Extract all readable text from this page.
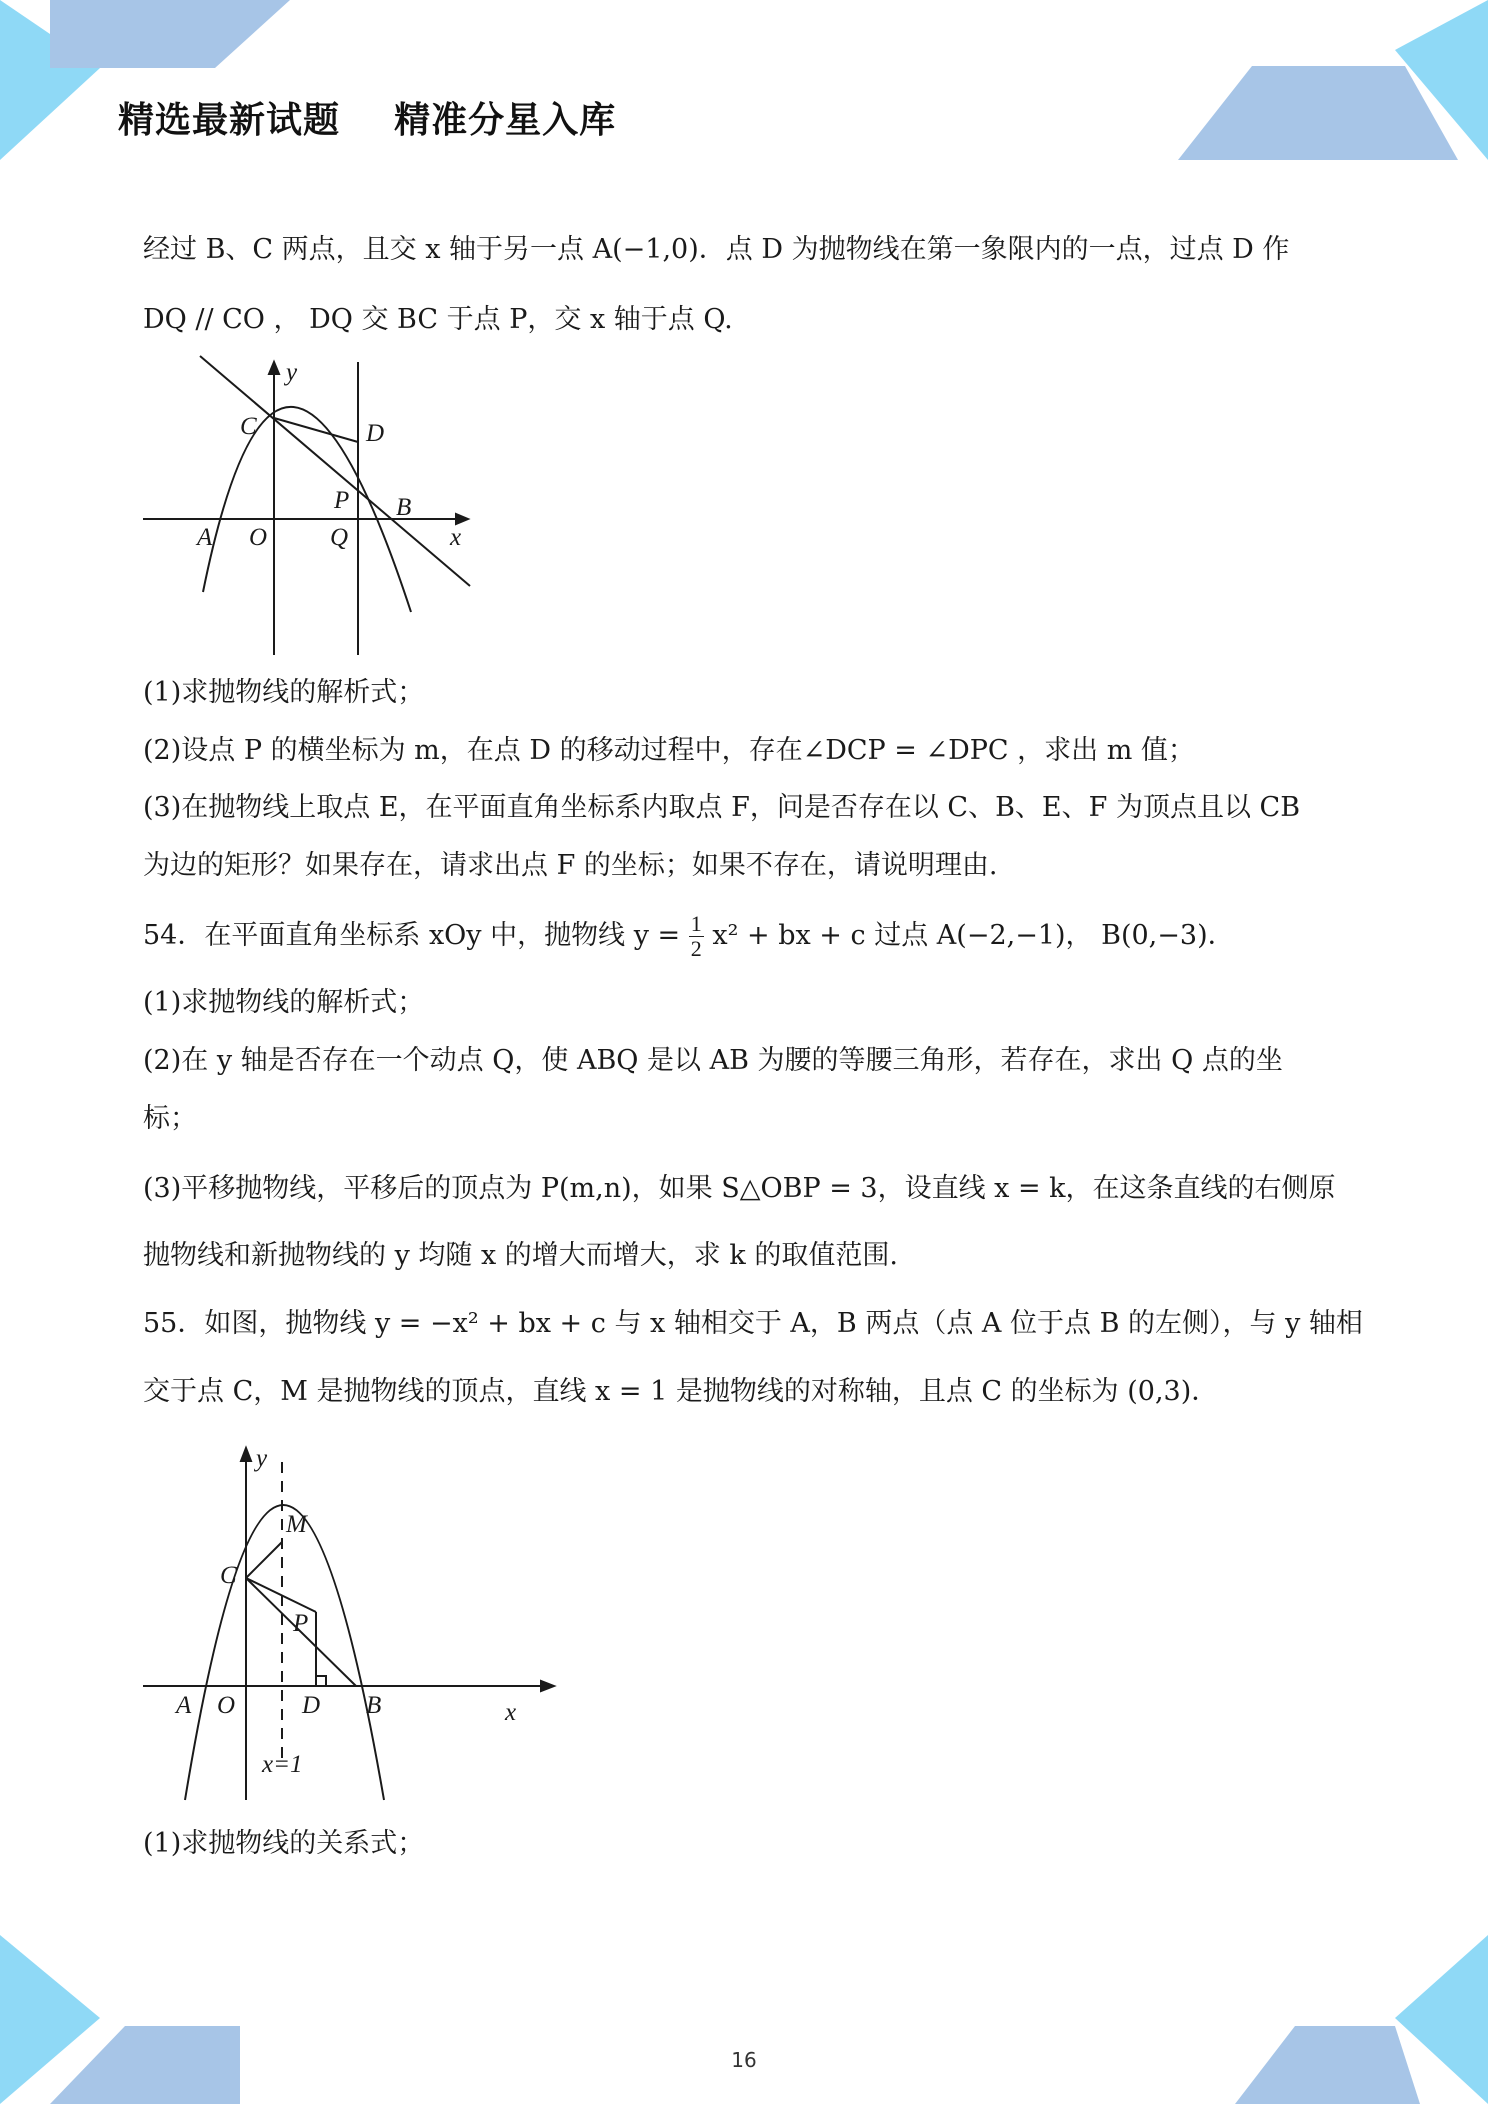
精选最新试题    精准分星入库
经过 B、C 两点，且交 x 轴于另一点 A(−1,0)．点 D 为抛物线在第一象限内的一点，过点 D 作
DQ // CO ， DQ 交 BC 于点 P，交 x 轴于点 Q.
y
C	D
P B
A O	Q	x
(1)求抛物线的解析式；
(2)设点 P 的横坐标为 m，在点 D 的移动过程中，存在∠DCP = ∠DPC ，求出 m 值；
(3)在抛物线上取点 E，在平面直角坐标系内取点 F，问是否存在以 C、B、E、F 为顶点且以 CB
为边的矩形？如果存在，请求出点 F 的坐标；如果不存在，请说明理由.
54．在平面直角坐标系 xOy 中，抛物线 $y = \frac{1}{2} x^2$ + bx + c 过点 A(−2,−1)， B(0,−3)．
(1)求抛物线的解析式；
(2)在 y 轴是否存在一个动点 Q，使 ABQ 是以 AB 为腰的等腰三角形，若存在，求出 Q 点的坐
标；
(3)平移抛物线，平移后的顶点为 P(m,n)，如果 S△OBP = 3，设直线 x = k，在这条直线的右侧原
抛物线和新抛物线的 y 均随 x 的增大而增大，求 k 的取值范围.
55．如图，抛物线 y = −x² + bx + c 与 x 轴相交于 A，B 两点（点 A 位于点 B 的左侧），与 y 轴相
交于点 C，M 是抛物线的顶点，直线 x = 1 是抛物线的对称轴，且点 C 的坐标为 (0,3)．
y
M
C
P
A O	D B	x
x=1
(1)求抛物线的关系式；
16
